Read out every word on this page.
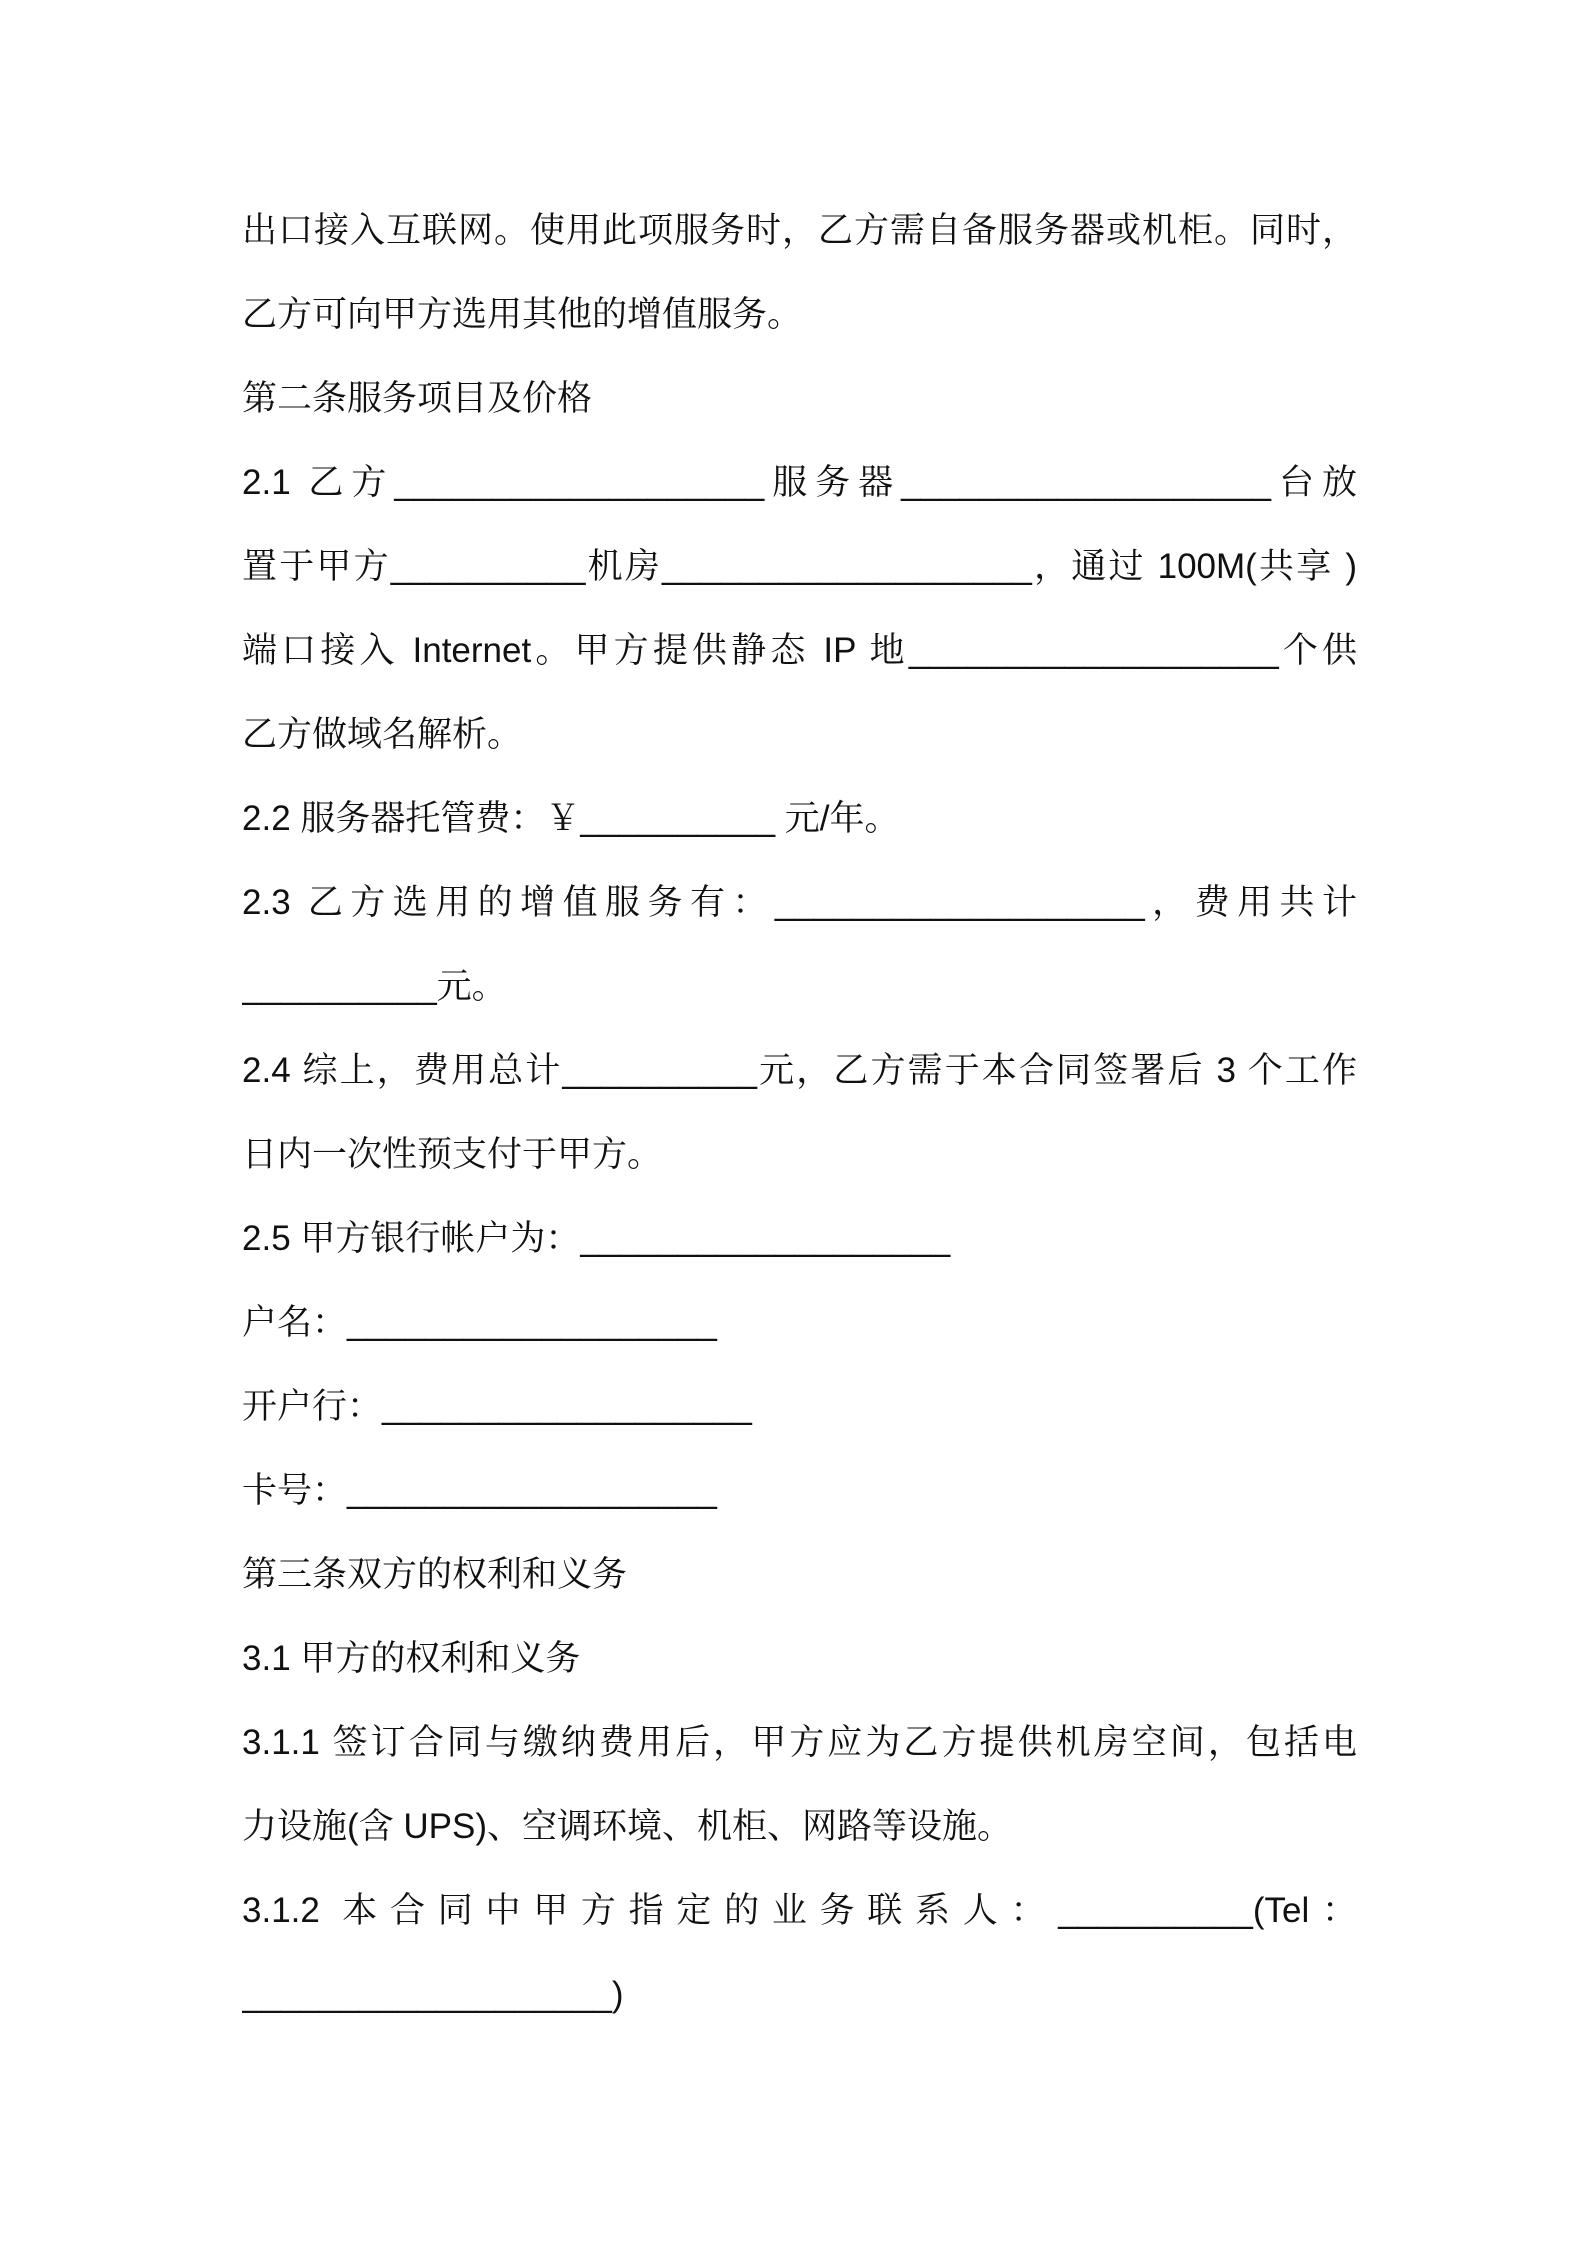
出口接入互联网。使用此项服务时，乙方需自备服务器或机柜。同时，
乙方可向甲方选用其他的增值服务。
第二条服务项目及价格
2.1 乙方___________________服务器___________________台放
置于甲方__________机房___________________，通过 100M(共享 )
端口接入 Internet。甲方提供静态 IP 地___________________个供
乙方做域名解析。
2.2 服务器托管费：￥__________ 元/年。
2.3 乙方选用的增值服务有：___________________，费用共计
__________元。
2.4 综上，费用总计__________元，乙方需于本合同签署后 3 个工作
日内一次性预支付于甲方。
2.5 甲方银行帐户为：___________________
户名：___________________
开户行：___________________
卡号：___________________
第三条双方的权利和义务
3.1 甲方的权利和义务
3.1.1 签订合同与缴纳费用后，甲方应为乙方提供机房空间，包括电
力设施(含 UPS)、空调环境、机柜、网路等设施。
3.1.2 本合同中甲方指定的业务联系人：__________(Tel：
___________________)
